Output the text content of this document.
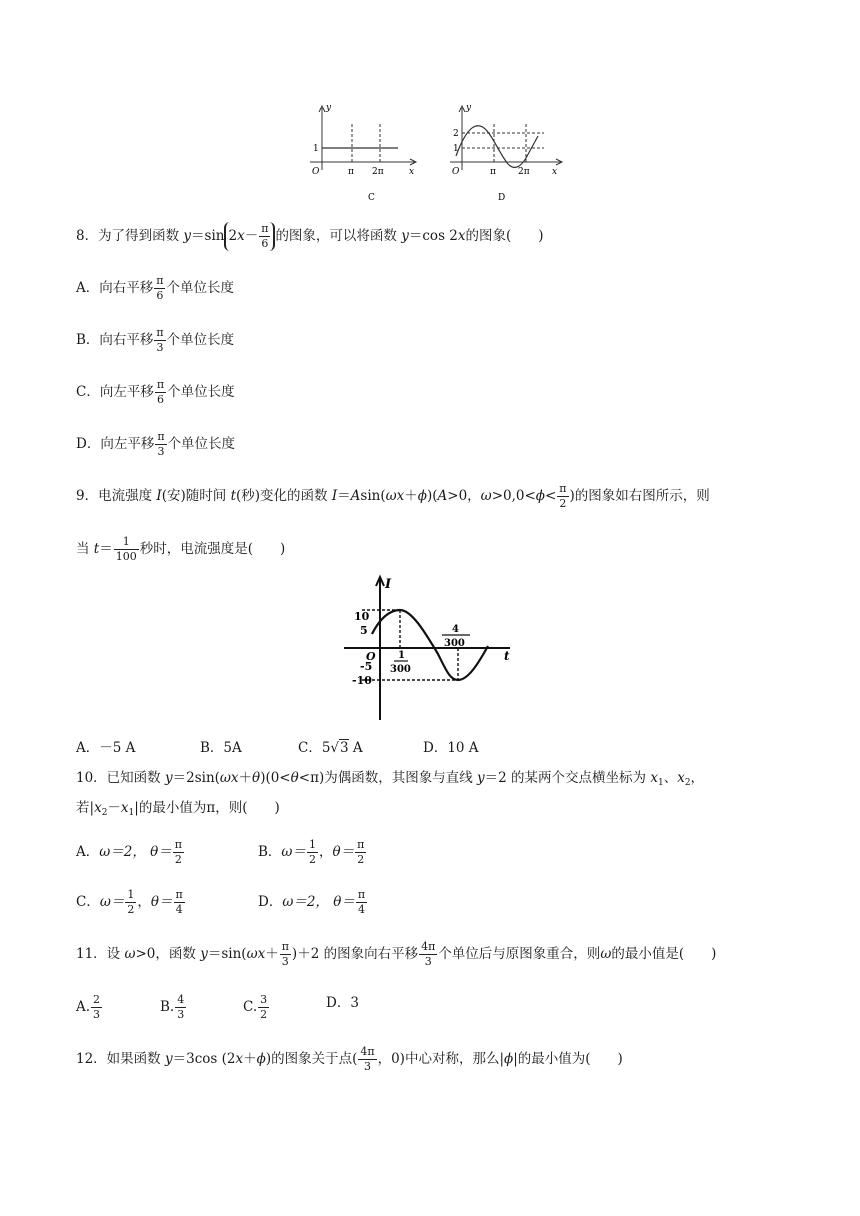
y
x
O
1
π 2π
C
y
x
O
2
1
π 2π
D
8．为了得到函数 y＝sin $2x- \frac{\pi}{6}$ 的图象，可以将函数 y＝cos 2x的图象(　　)
A．向右平移 $\frac{\pi}{6}$ 个单位长度
B．向右平移 $\frac{\pi}{3}$ 个单位长度
C．向左平移 $\frac{\pi}{6}$ 个单位长度
D．向左平移 $\frac{\pi}{3}$ 个单位长度
9．电流强度 I(安)随时间 t(秒)变化的函数 I＝Asin(ωx＋ϕ)(A>0，$\omega>0,0<\phi< \frac{\pi}{2}$ )的图象如右图所示，则
当 $t= \frac{1}{100}$ 秒时，电流强度是(　　)
I
t
O
10
5
-5
-10
1
300
4
300
A．－5 A	B．5A	C．5√3 A	D．10 A
10．已知函数 y＝2sin(ωx＋θ)(0<θ<π)为偶函数，其图象与直线 y＝2 的某两个交点横坐标为 $x_1$、$x_2$，
若$|x_2-x_1|$的最小值为π，则(　　)
A．ω＝2， $\theta= \frac{\pi}{2}$	B．$\omega= \frac{1}{2}$ ，$\theta= \frac{\pi}{2}$
C．$\omega= \frac{1}{2}$ ，$\theta= \frac{\pi}{4}$	D．ω＝2， $\theta= \frac{\pi}{4}$
11．设 ω>0，函数 $y=\sin(\omega x+ \frac{\pi}{3} )+2$ 的图象向右平移 $\frac{4\pi}{3}$ 个单位后与原图象重合，则ω的最小值是(　　)
A. $\frac{2}{3}$	B. $\frac{4}{3}$	C. $\frac{3}{2}$	D．3
12．如果函数 y＝3cos (2x＋ϕ)的图象关于点( $\frac{4\pi}{3}$ ，0)中心对称，那么|ϕ|的最小值为(　　)
